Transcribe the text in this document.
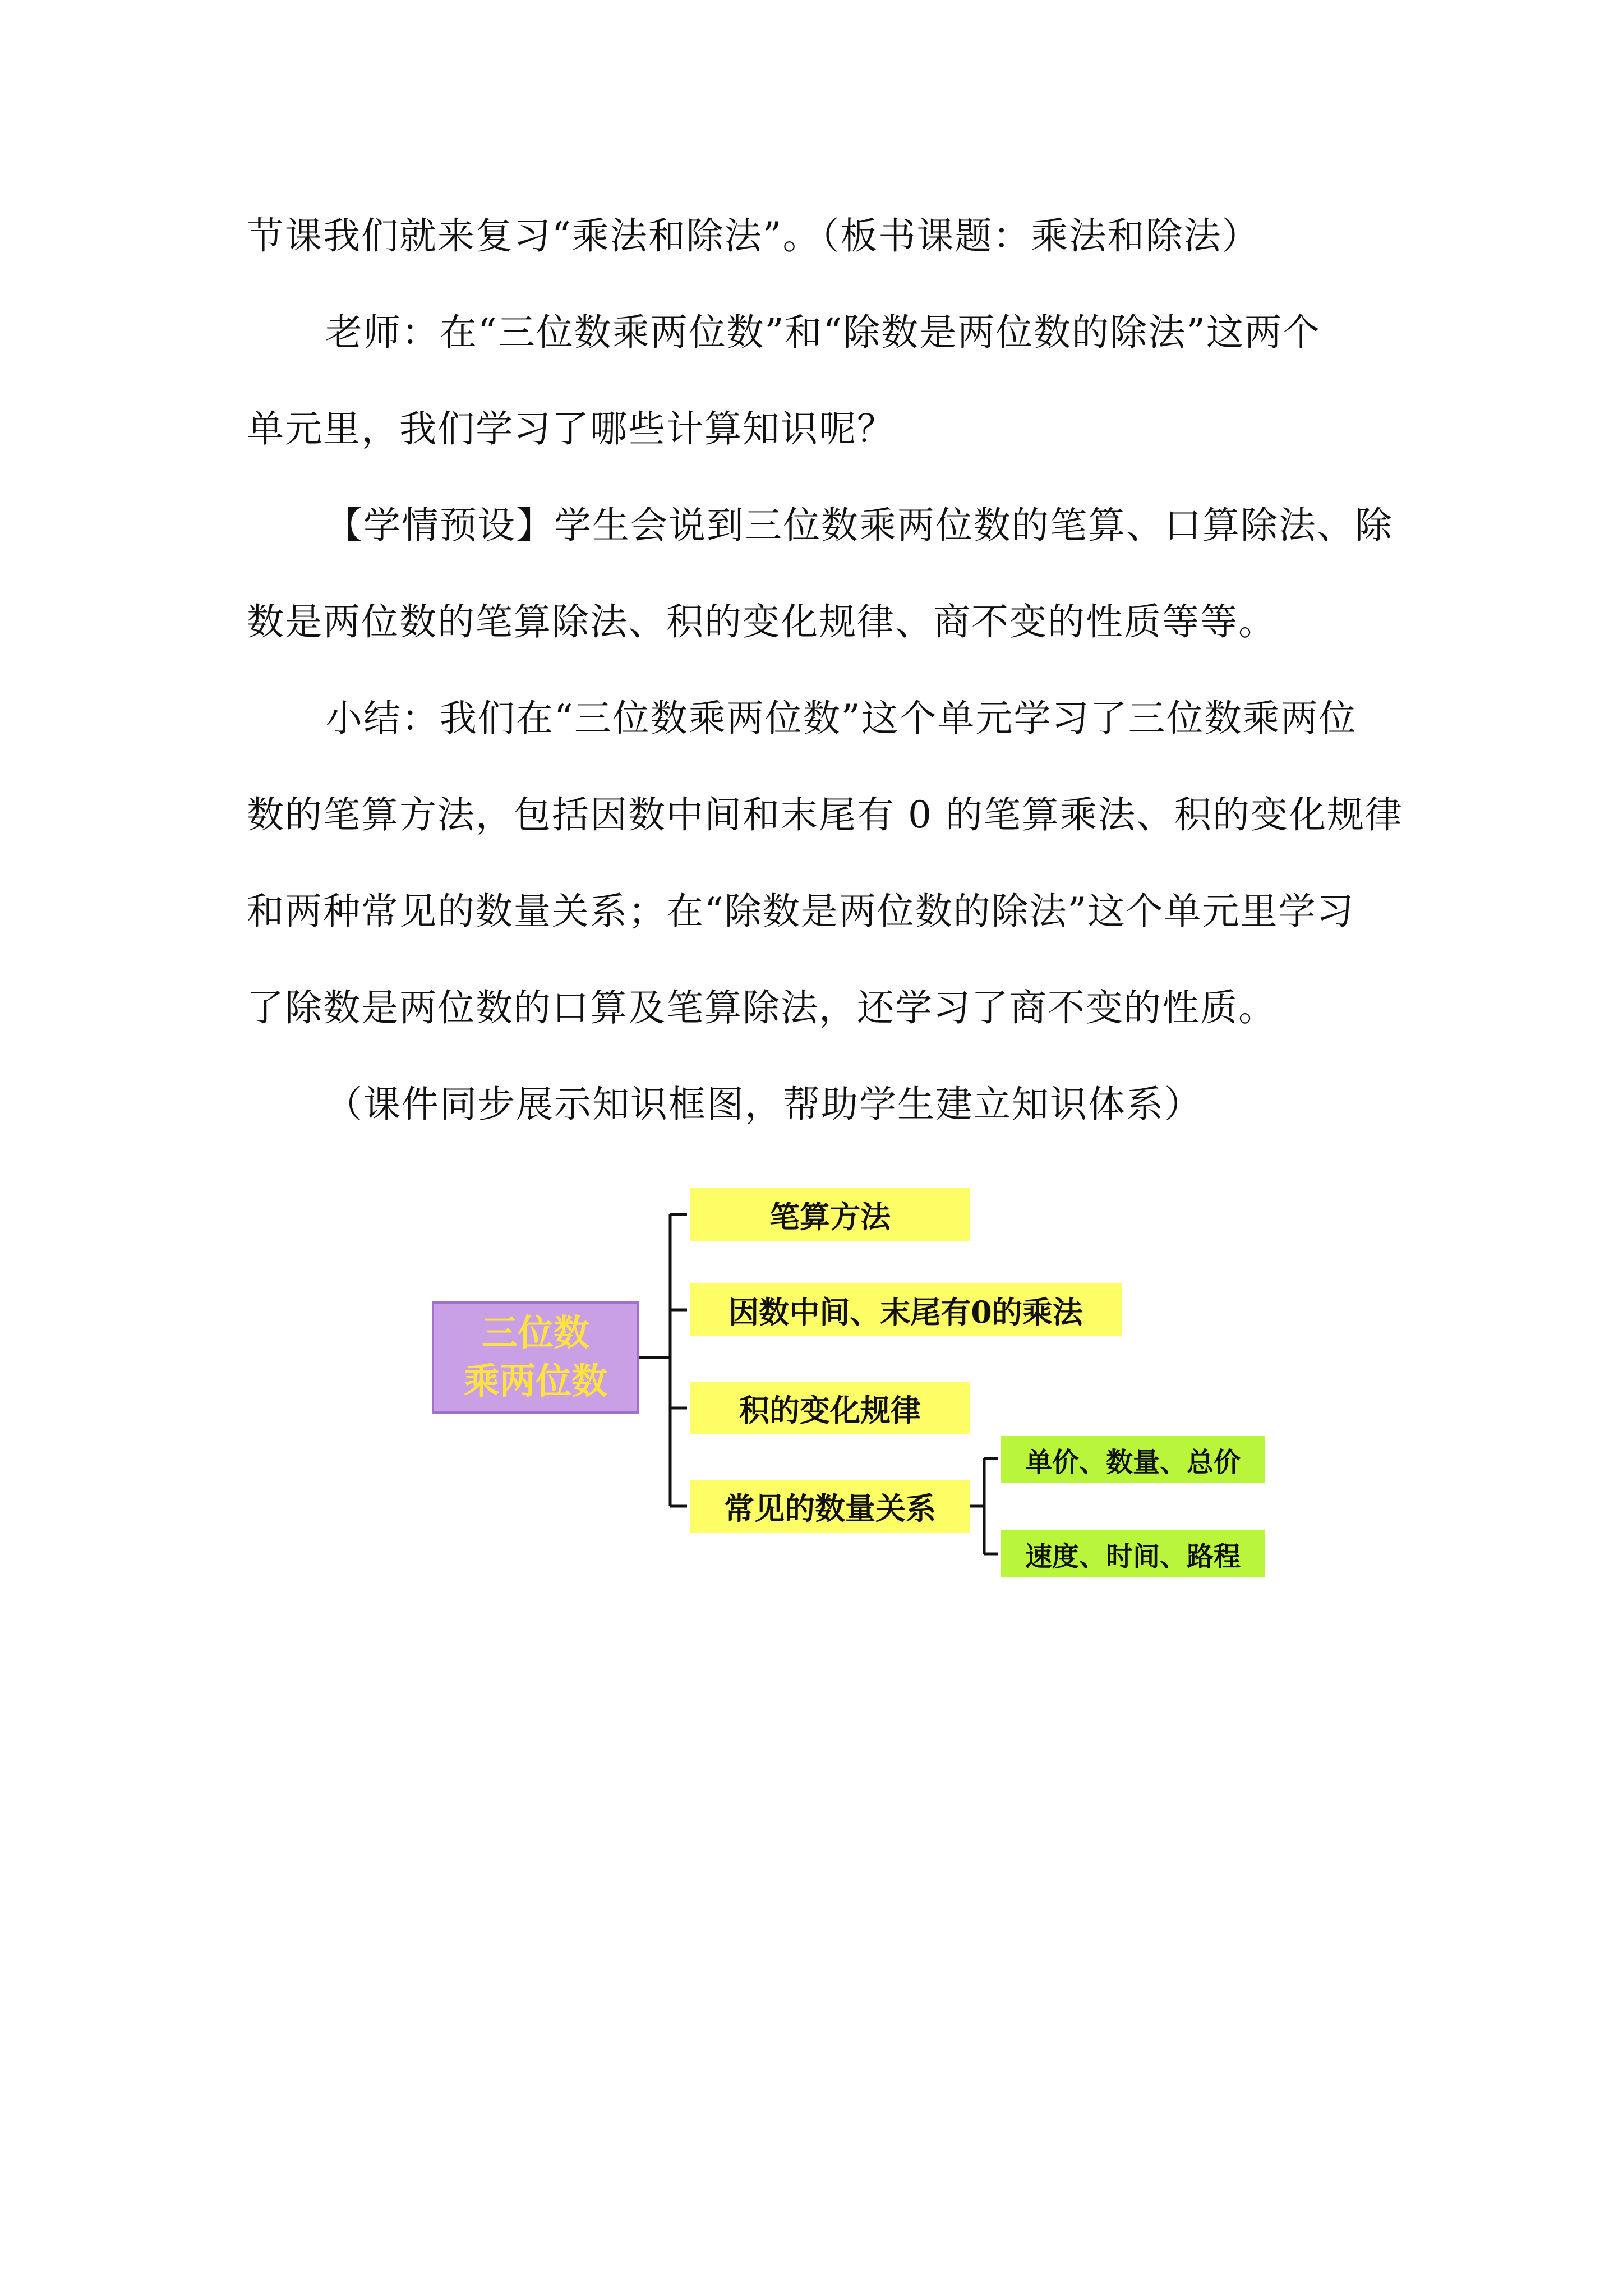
节课我们就来复习“乘法和除法”。（板书课题：乘法和除法）

老师：在“三位数乘两位数”和“除数是两位数的除法”这两个

单元里，我们学习了哪些计算知识呢？

【学情预设】学生会说到三位数乘两位数的笔算、口算除法、除

数是两位数的笔算除法、积的变化规律、商不变的性质等等。

小结：我们在“三位数乘两位数”这个单元学习了三位数乘两位

数的笔算方法，包括因数中间和末尾有 0 的笔算乘法、积的变化规律

和两种常见的数量关系；在“除数是两位数的除法”这个单元里学习

了除数是两位数的口算及笔算除法，还学习了商不变的性质。

（课件同步展示知识框图，帮助学生建立知识体系）

三位数
乘两位数
笔算方法
因数中间、末尾有0的乘法
积的变化规律
常见的数量关系
单价、数量、总价
速度、时间、路程
